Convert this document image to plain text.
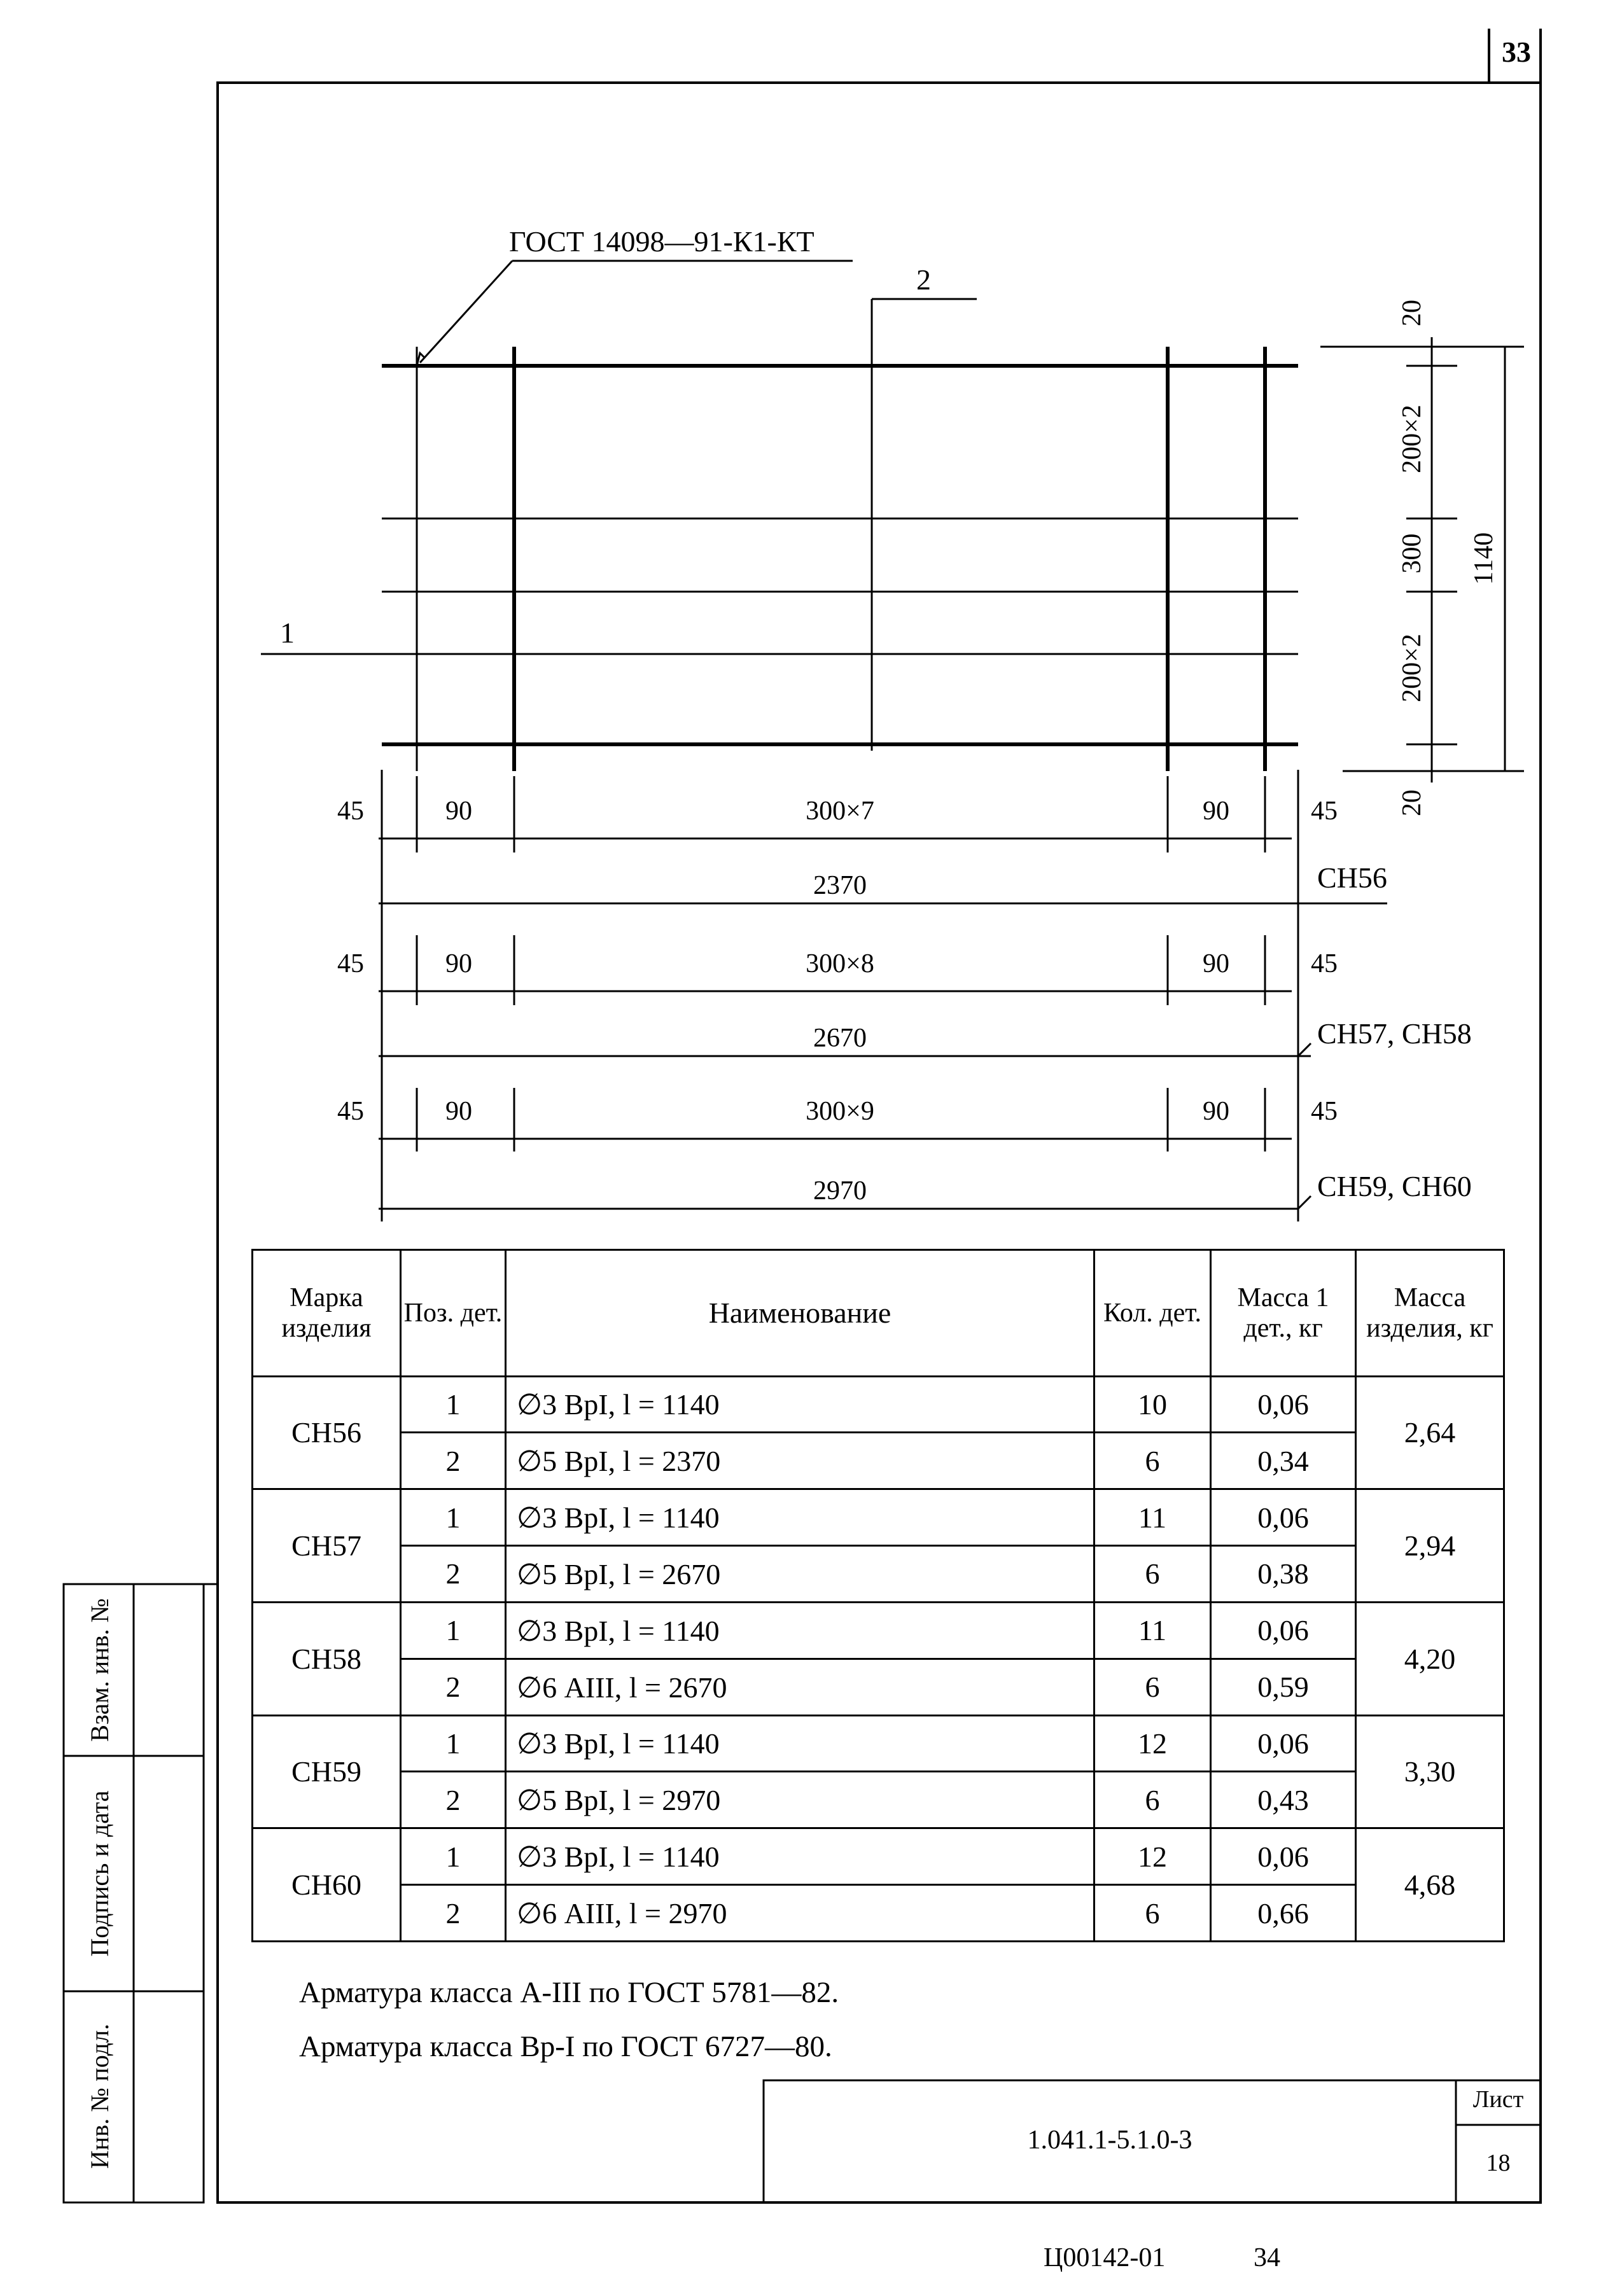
ГОСТ 14098—91-К1-КТ
1
2
20
200×2
300
200×2
20
1140
45	90	300×7	90	45
2370	СН56
45	90	300×8	90	45
2670	СН57, СН58
45	90	300×9	90	45
2970	СН59, СН60
33
Марка изделия	Поз. дет.	Наименование	Кол. дет.	Масса 1 дет., кг	Масса изделия, кг
СН56	1	∅3 ВрI, l = 1140	10	0,06	2,64
	2	∅5 ВрI, l = 2370	6	0,34	
СН57	1	∅3 ВрI, l = 1140	11	0,06	2,94
	2	∅5 ВрI, l = 2670	6	0,38	
СН58	1	∅3 ВрI, l = 1140	11	0,06	4,20
	2	∅6 АIII, l = 2670	6	0,59	
СН59	1	∅3 ВрI, l = 1140	12	0,06	3,30
	2	∅5 ВрI, l = 2970	6	0,43	
СН60	1	∅3 ВрI, l = 1140	12	0,06	4,68
	2	∅6 АIII, l = 2970	6	0,66	
Арматура класса А-III по ГОСТ 5781—82.
Арматура класса Вр-I по ГОСТ 6727—80.
1.041.1-5.1.0-3
Лист
18
Взам. инв. №
Подпись и дата
Инв. № подл.
Ц00142-01	34
